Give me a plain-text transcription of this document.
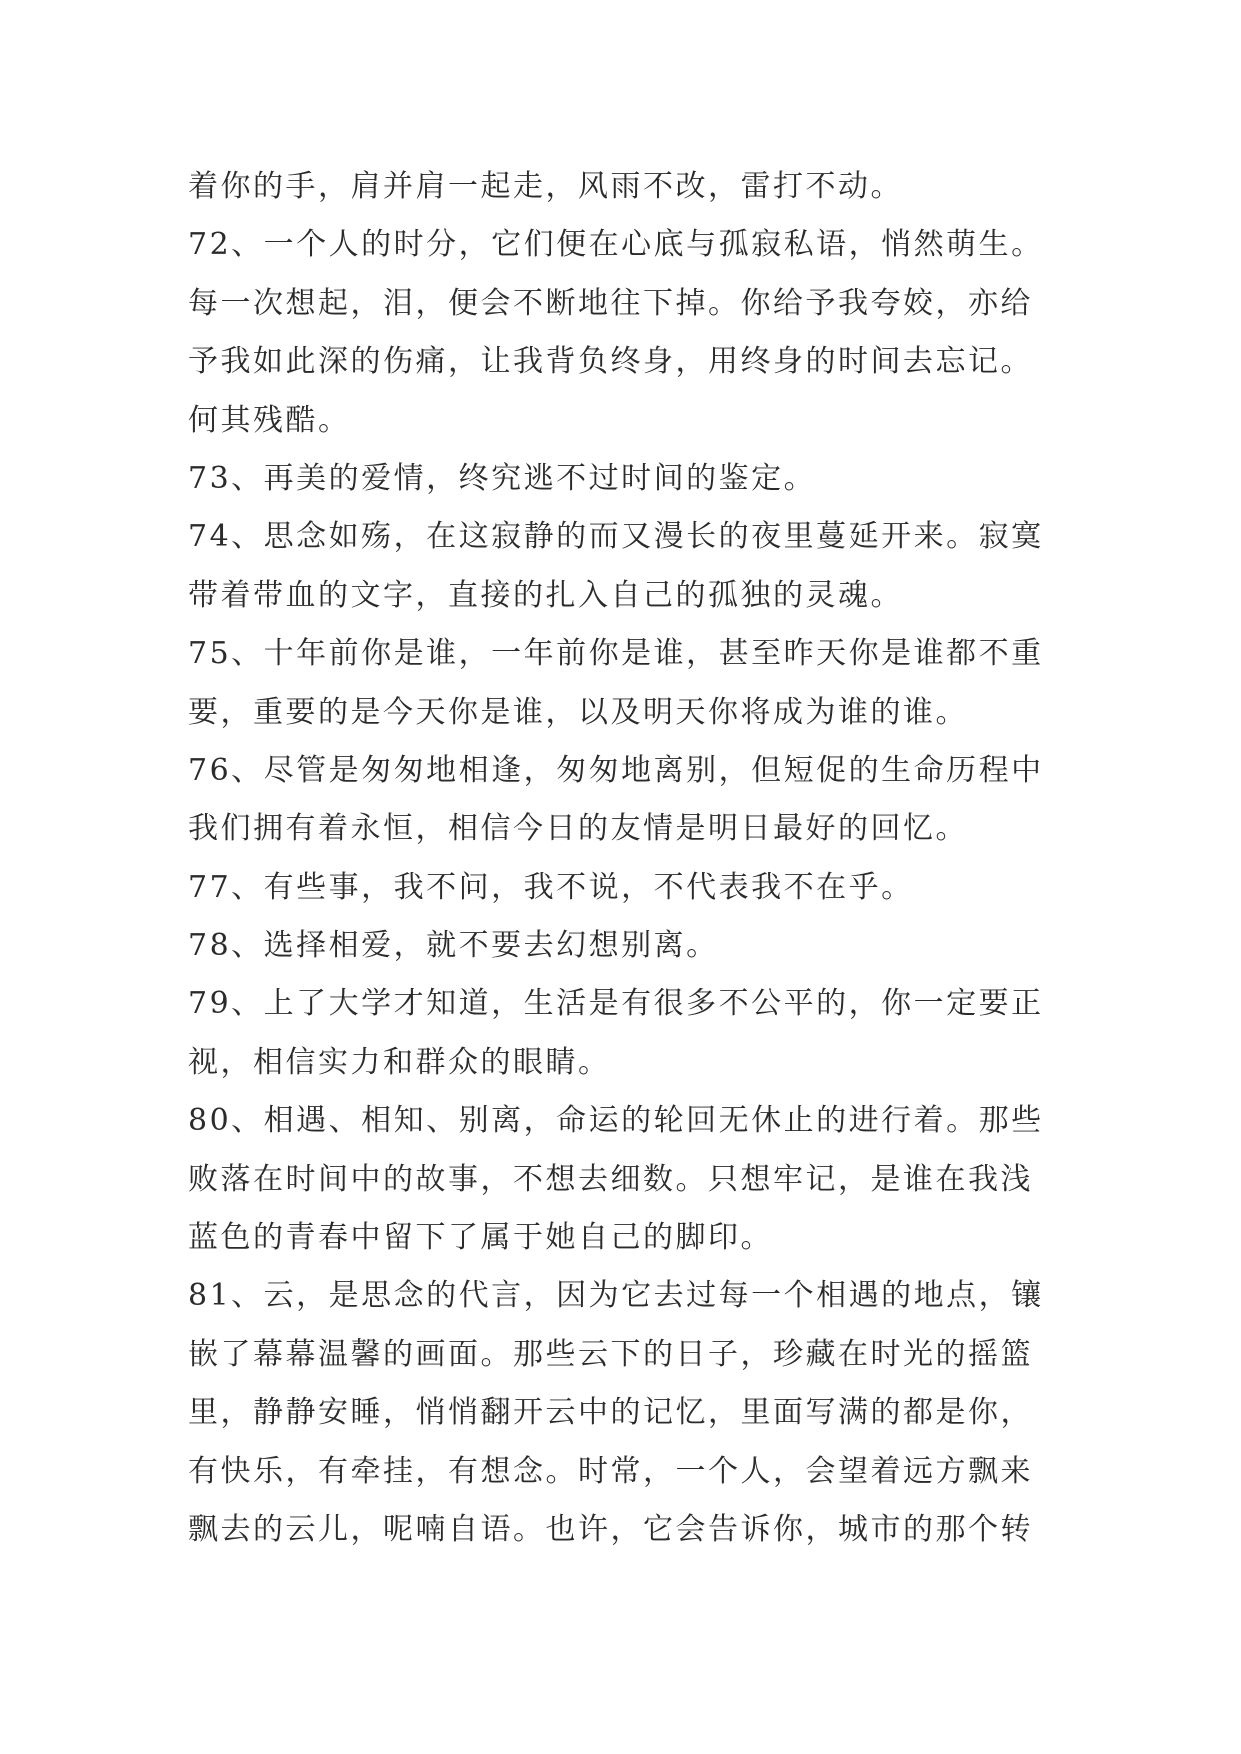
着你的手，肩并肩一起走，风雨不改，雷打不动。
72、一个人的时分，它们便在心底与孤寂私语，悄然萌生。
每一次想起，泪，便会不断地往下掉。你给予我夸姣，亦给
予我如此深的伤痛，让我背负终身，用终身的时间去忘记。
何其残酷。
73、再美的爱情，终究逃不过时间的鉴定。
74、思念如殇，在这寂静的而又漫长的夜里蔓延开来。寂寞
带着带血的文字，直接的扎入自己的孤独的灵魂。
75、十年前你是谁，一年前你是谁，甚至昨天你是谁都不重
要，重要的是今天你是谁，以及明天你将成为谁的谁。
76、尽管是匆匆地相逢，匆匆地离别，但短促的生命历程中
我们拥有着永恒，相信今日的友情是明日最好的回忆。
77、有些事，我不问，我不说，不代表我不在乎。
78、选择相爱，就不要去幻想别离。
79、上了大学才知道，生活是有很多不公平的，你一定要正
视，相信实力和群众的眼睛。
80、相遇、相知、别离，命运的轮回无休止的进行着。那些
败落在时间中的故事，不想去细数。只想牢记，是谁在我浅
蓝色的青春中留下了属于她自己的脚印。
81、云，是思念的代言，因为它去过每一个相遇的地点，镶
嵌了幕幕温馨的画面。那些云下的日子，珍藏在时光的摇篮
里，静静安睡，悄悄翻开云中的记忆，里面写满的都是你，
有快乐，有牵挂，有想念。时常，一个人，会望着远方飘来
飘去的云儿，呢喃自语。也许，它会告诉你，城市的那个转
